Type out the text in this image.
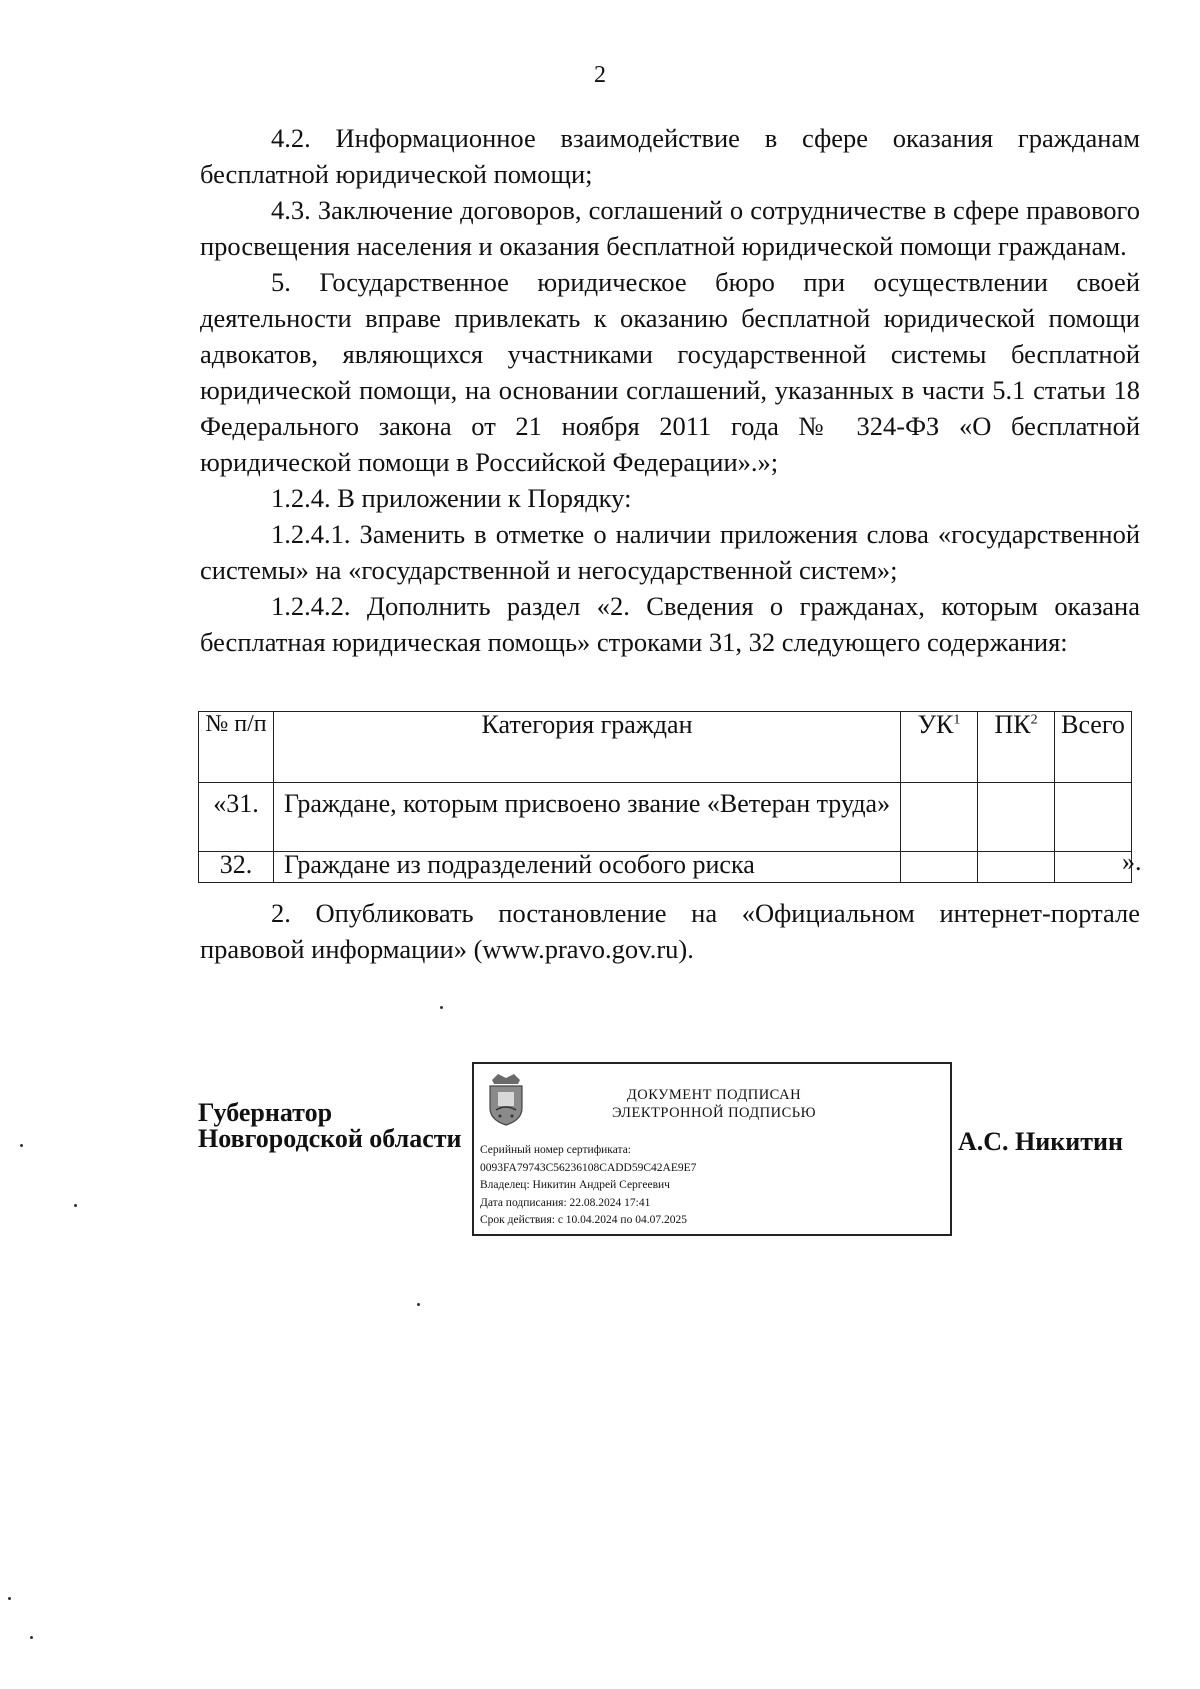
2

4.2. Информационное взаимодействие в сфере оказания гражданам бесплатной юридической помощи;

4.3. Заключение договоров, соглашений о сотрудничестве в сфере правового просвещения населения и оказания бесплатной юридической помощи гражданам.

5. Государственное юридическое бюро при осуществлении своей деятельности вправе привлекать к оказанию бесплатной юридической помощи адвокатов, являющихся участниками государственной системы бесплатной юридической помощи, на основании соглашений, указанных в части 5.1 статьи 18 Федерального закона от 21 ноября 2011 года № 324-ФЗ «О бесплатной юридической помощи в Российской Федерации».»;

1.2.4. В приложении к Порядку:

1.2.4.1. Заменить в отметке о наличии приложения слова «государственной системы» на «государственной и негосударственной систем»;

1.2.4.2. Дополнить раздел «2. Сведения о гражданах, которым оказана бесплатная юридическая помощь» строками 31, 32 следующего содержания:

№ п/п	Категория граждан	$УК^1$	$ПК^2$	Всего
«31.	Граждане, которым присвоено звание «Ветеран труда»			
32.	Граждане из подразделений особого риска				».

2. Опубликовать постановление на «Официальном интернет-портале правовой информации» (www.pravo.gov.ru).

Губернатор
Новгородской области
ДОКУМЕНТ ПОДПИСАН
ЭЛЕКТРОННОЙ ПОДПИСЬЮ
Серийный номер сертификата:
0093FA79743C56236108CADD59C42AE9E7
Владелец: Никитин Андрей Сергеевич
Дата подписания: 22.08.2024 17:41
Срок действия: с 10.04.2024 по 04.07.2025
А.С. Никитин
